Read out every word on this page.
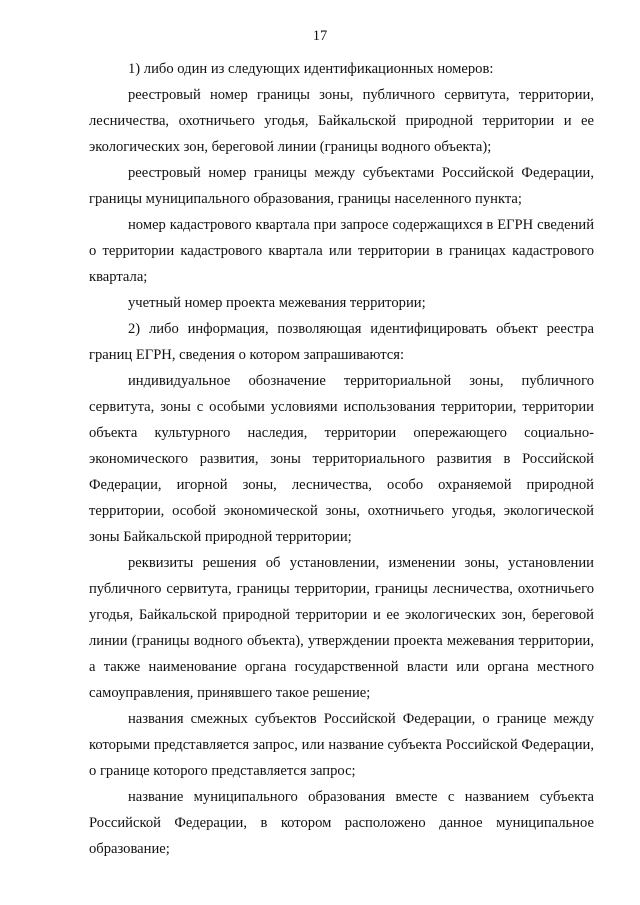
17

1) либо один из следующих идентификационных номеров:

реестровый номер границы зоны, публичного сервитута, территории, лесничества, охотничьего угодья, Байкальской природной территории и ее экологических зон, береговой линии (границы водного объекта);

реестровый номер границы между субъектами Российской Федерации, границы муниципального образования, границы населенного пункта;

номер кадастрового квартала при запросе содержащихся в ЕГРН сведений о территории кадастрового квартала или территории в границах кадастрового квартала;

учетный номер проекта межевания территории;

2) либо информация, позволяющая идентифицировать объект реестра границ ЕГРН, сведения о котором запрашиваются:

индивидуальное обозначение территориальной зоны, публичного сервитута, зоны с особыми условиями использования территории, территории объекта культурного наследия, территории опережающего социально-экономического развития, зоны территориального развития в Российской Федерации, игорной зоны, лесничества, особо охраняемой природной территории, особой экономической зоны, охотничьего угодья, экологической зоны Байкальской природной территории;

реквизиты решения об установлении, изменении зоны, установлении публичного сервитута, границы территории, границы лесничества, охотничьего угодья, Байкальской природной территории и ее экологических зон, береговой линии (границы водного объекта), утверждении проекта межевания территории, а также наименование органа государственной власти или органа местного самоуправления, принявшего такое решение;

названия смежных субъектов Российской Федерации, о границе между которыми представляется запрос, или название субъекта Российской Федерации, о границе которого представляется запрос;

название муниципального образования вместе с названием субъекта Российской Федерации, в котором расположено данное муниципальное образование;
